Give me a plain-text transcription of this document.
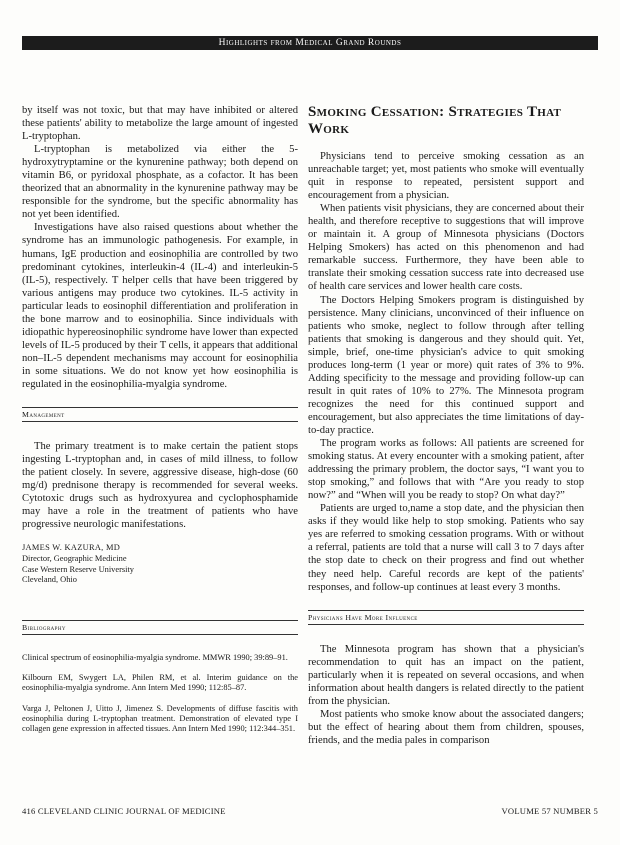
Highlights from Medical Grand Rounds

by itself was not toxic, but that may have inhibited or altered these patients' ability to metabolize the large amount of ingested L-tryptophan.

L-tryptophan is metabolized via either the 5-hydroxytryptamine or the kynurenine pathway; both depend on vitamin B6, or pyridoxal phosphate, as a cofactor. It has been theorized that an abnormality in the kynurenine pathway may be responsible for the syndrome, but the specific abnormality has not yet been identified.

Investigations have also raised questions about whether the syndrome has an immunologic pathogenesis. For example, in humans, IgE production and eosinophilia are controlled by two predominant cytokines, interleukin-4 (IL-4) and interleukin-5 (IL-5), respectively. T helper cells that have been triggered by various antigens may produce two cytokines. IL-5 activity in particular leads to eosinophil differentiation and proliferation in the bone marrow and to eosinophilia. Since individuals with idiopathic hypereosinophilic syndrome have lower than expected levels of IL-5 produced by their T cells, it appears that additional non–IL-5 dependent mechanisms may account for eosinophilia in some situations. We do not know yet how eosinophilia is regulated in the eosinophilia-myalgia syndrome.

Management

The primary treatment is to make certain the patient stops ingesting L-tryptophan and, in cases of mild illness, to follow the patient closely. In severe, aggressive disease, high-dose (60 mg/d) prednisone therapy is recommended for several weeks. Cytotoxic drugs such as hydroxyurea and cyclophosphamide may have a role in the treatment of patients who have progressive neurologic manifestations.

JAMES W. KAZURA, MD
Director, Geographic Medicine
Case Western Reserve University
Cleveland, Ohio
Bibliography

Clinical spectrum of eosinophilia-myalgia syndrome. MMWR 1990; 39:89–91.

Kilbourn EM, Swygert LA, Philen RM, et al. Interim guidance on the eosinophilia-myalgia syndrome. Ann Intern Med 1990; 112:85–87.

Varga J, Peltonen J, Uitto J, Jimenez S. Developments of diffuse fascitis with eosinophilia during L-tryptophan treatment. Demonstration of elevated type I collagen gene expression in affected tissues. Ann Intern Med 1990; 112:344–351.

Smoking Cessation: Strategies That Work

Physicians tend to perceive smoking cessation as an unreachable target; yet, most patients who smoke will eventually quit in response to repeated, persistent support and encouragement from a physician.

When patients visit physicians, they are concerned about their health, and therefore receptive to suggestions that will improve or maintain it. A group of Minnesota physicians (Doctors Helping Smokers) has acted on this phenomenon and had remarkable success. Furthermore, they have been able to translate their smoking cessation success rate into decreased use of health care services and lower health care costs.

The Doctors Helping Smokers program is distinguished by persistence. Many clinicians, unconvinced of their influence on patients who smoke, neglect to follow through after telling patients that smoking is dangerous and they should quit. Yet, simple, brief, one-time physician's advice to quit smoking produces long-term (1 year or more) quit rates of 3% to 9%. Adding specificity to the message and providing follow-up can result in quit rates of 10% to 27%. The Minnesota program recognizes the need for this continued support and encouragement, but also appreciates the time limitations of day-to-day practice.

The program works as follows: All patients are screened for smoking status. At every encounter with a smoking patient, after addressing the primary problem, the doctor says, “I want you to stop smoking,” and follows that with “Are you ready to stop now?” and “When will you be ready to stop? On what day?”

Patients are urged to,name a stop date, and the physician then asks if they would like help to stop smoking. Patients who say yes are referred to smoking cessation programs. With or without a referral, patients are told that a nurse will call 3 to 7 days after the stop date to check on their progress and find out whether they need help. Careful records are kept of the patients' responses, and follow-up continues at least every 3 months.

Physicians Have More Influence

The Minnesota program has shown that a physician's recommendation to quit has an impact on the patient, particularly when it is repeated on several occasions, and when information about health dangers is related directly to the patient from the physician.

Most patients who smoke know about the associated dangers; but the effect of hearing about them from children, spouses, friends, and the media pales in comparison

416 CLEVELAND CLINIC JOURNAL OF MEDICINE	VOLUME 57 NUMBER 5
